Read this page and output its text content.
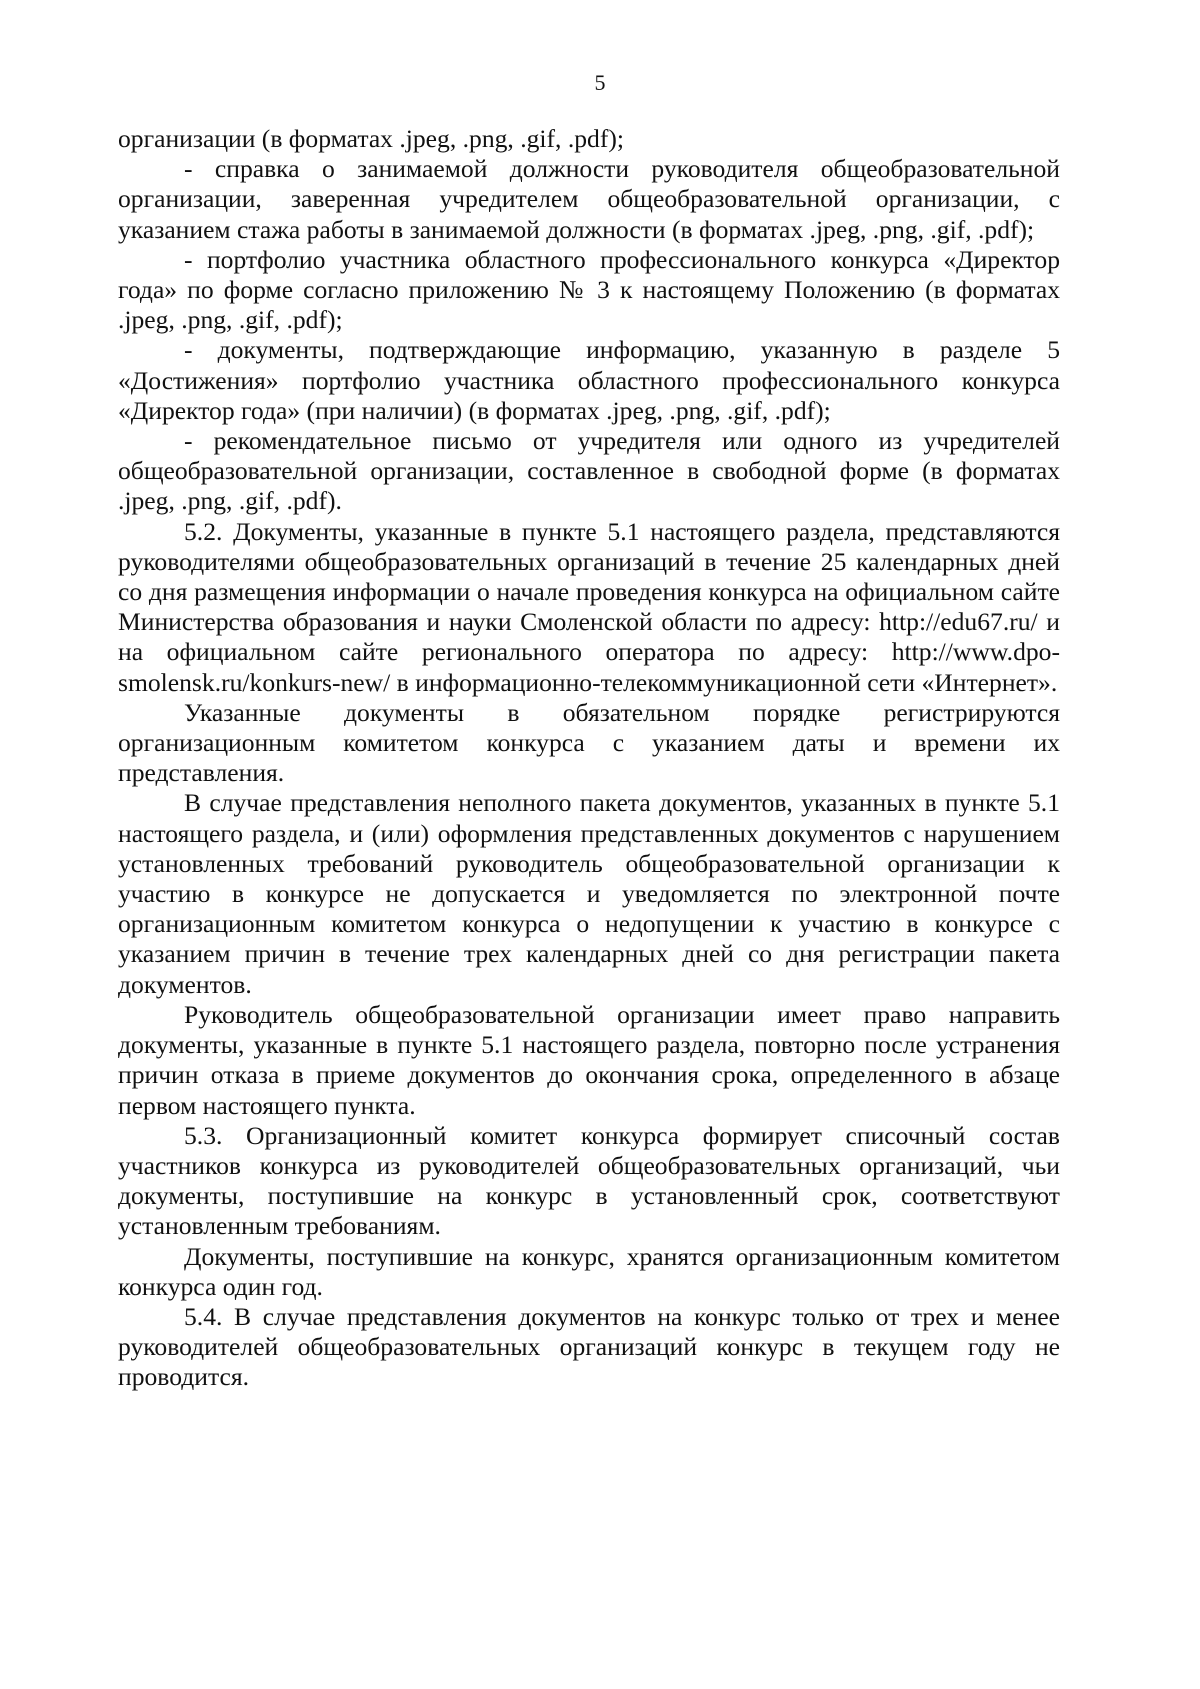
5

организации (в форматах .jpeg, .png, .gif, .pdf);

- справка о занимаемой должности руководителя общеобразовательной организации, заверенная учредителем общеобразовательной организации, с указанием стажа работы в занимаемой должности (в форматах .jpeg, .png, .gif, .pdf);

- портфолио участника областного профессионального конкурса «Директор года» по форме согласно приложению № 3 к настоящему Положению (в форматах .jpeg, .png, .gif, .pdf);

- документы, подтверждающие информацию, указанную в разделе 5 «Достижения» портфолио участника областного профессионального конкурса «Директор года» (при наличии) (в форматах .jpeg, .png, .gif, .pdf);

- рекомендательное письмо от учредителя или одного из учредителей общеобразовательной организации, составленное в свободной форме (в форматах .jpeg, .png, .gif, .pdf).

5.2. Документы, указанные в пункте 5.1 настоящего раздела, представляются руководителями общеобразовательных организаций в течение 25 календарных дней со дня размещения информации о начале проведения конкурса на официальном сайте Министерства образования и науки Смоленской области по адресу: http://edu67.ru/ и на официальном сайте регионального оператора по адресу: http://www.dpo-smolensk.ru/konkurs-new/ в информационно-телекоммуникационной сети «Интернет».

Указанные документы в обязательном порядке регистрируются организационным комитетом конкурса с указанием даты и времени их представления.

В случае представления неполного пакета документов, указанных в пункте 5.1 настоящего раздела, и (или) оформления представленных документов с нарушением установленных требований руководитель общеобразовательной организации к участию в конкурсе не допускается и уведомляется по электронной почте организационным комитетом конкурса о недопущении к участию в конкурсе с указанием причин в течение трех календарных дней со дня регистрации пакета документов.

Руководитель общеобразовательной организации имеет право направить документы, указанные в пункте 5.1 настоящего раздела, повторно после устранения причин отказа в приеме документов до окончания срока, определенного в абзаце первом настоящего пункта.

5.3. Организационный комитет конкурса формирует списочный состав участников конкурса из руководителей общеобразовательных организаций, чьи документы, поступившие на конкурс в установленный срок, соответствуют установленным требованиям.

Документы, поступившие на конкурс, хранятся организационным комитетом конкурса один год.

5.4. В случае представления документов на конкурс только от трех и менее руководителей общеобразовательных организаций конкурс в текущем году не проводится.
